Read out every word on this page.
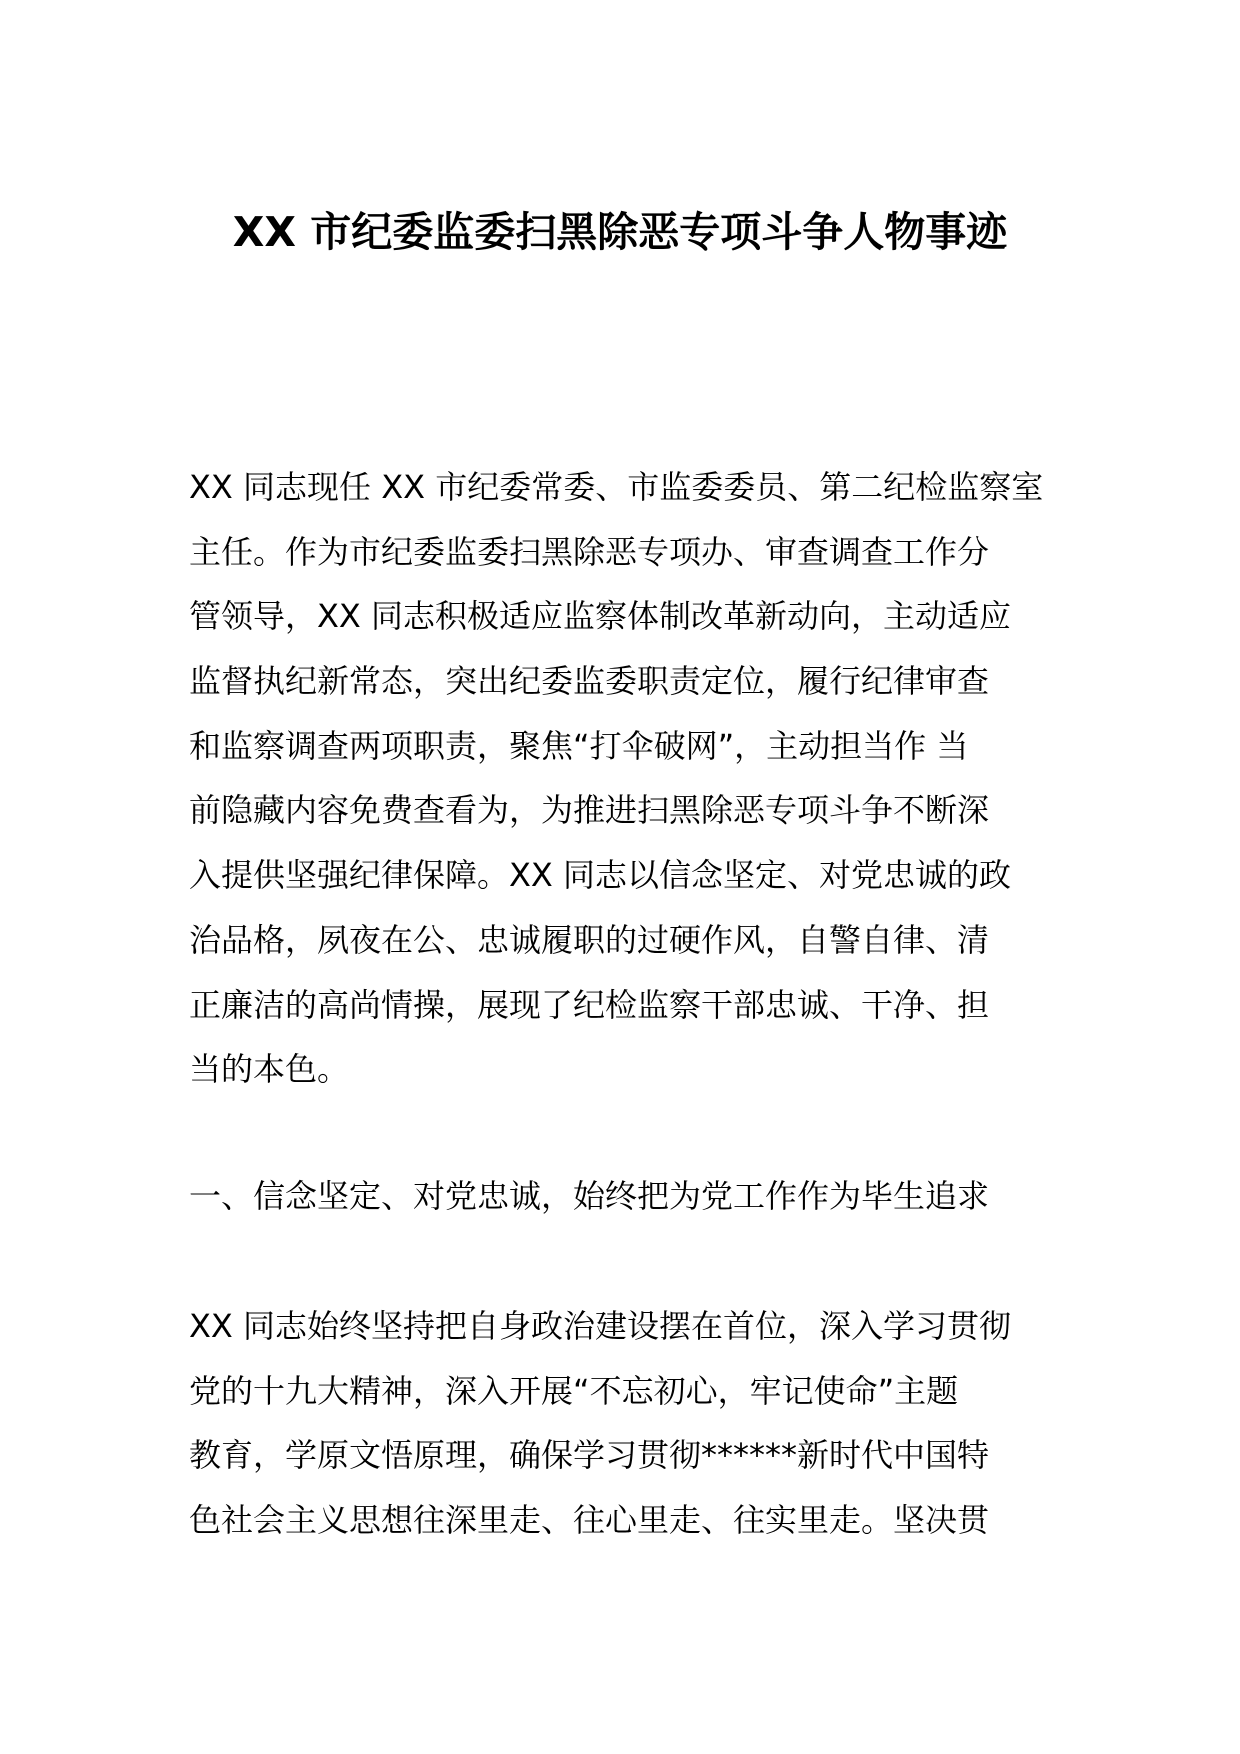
XX 市纪委监委扫黑除恶专项斗争人物事迹
XX 同志现任 XX 市纪委常委、市监委委员、第二纪检监察室
主任。作为市纪委监委扫黑除恶专项办、审查调查工作分
管领导，XX 同志积极适应监察体制改革新动向，主动适应
监督执纪新常态，突出纪委监委职责定位，履行纪律审查
和监察调查两项职责，聚焦“打伞破网”，主动担当作 当
前隐藏内容免费查看为，为推进扫黑除恶专项斗争不断深
入提供坚强纪律保障。XX 同志以信念坚定、对党忠诚的政
治品格，夙夜在公、忠诚履职的过硬作风，自警自律、清
正廉洁的高尚情操，展现了纪检监察干部忠诚、干净、担
当的本色。
一、信念坚定、对党忠诚，始终把为党工作作为毕生追求
XX 同志始终坚持把自身政治建设摆在首位，深入学习贯彻
党的十九大精神，深入开展“不忘初心，牢记使命”主题
教育，学原文悟原理，确保学习贯彻******新时代中国特
色社会主义思想往深里走、往心里走、往实里走。坚决贯
